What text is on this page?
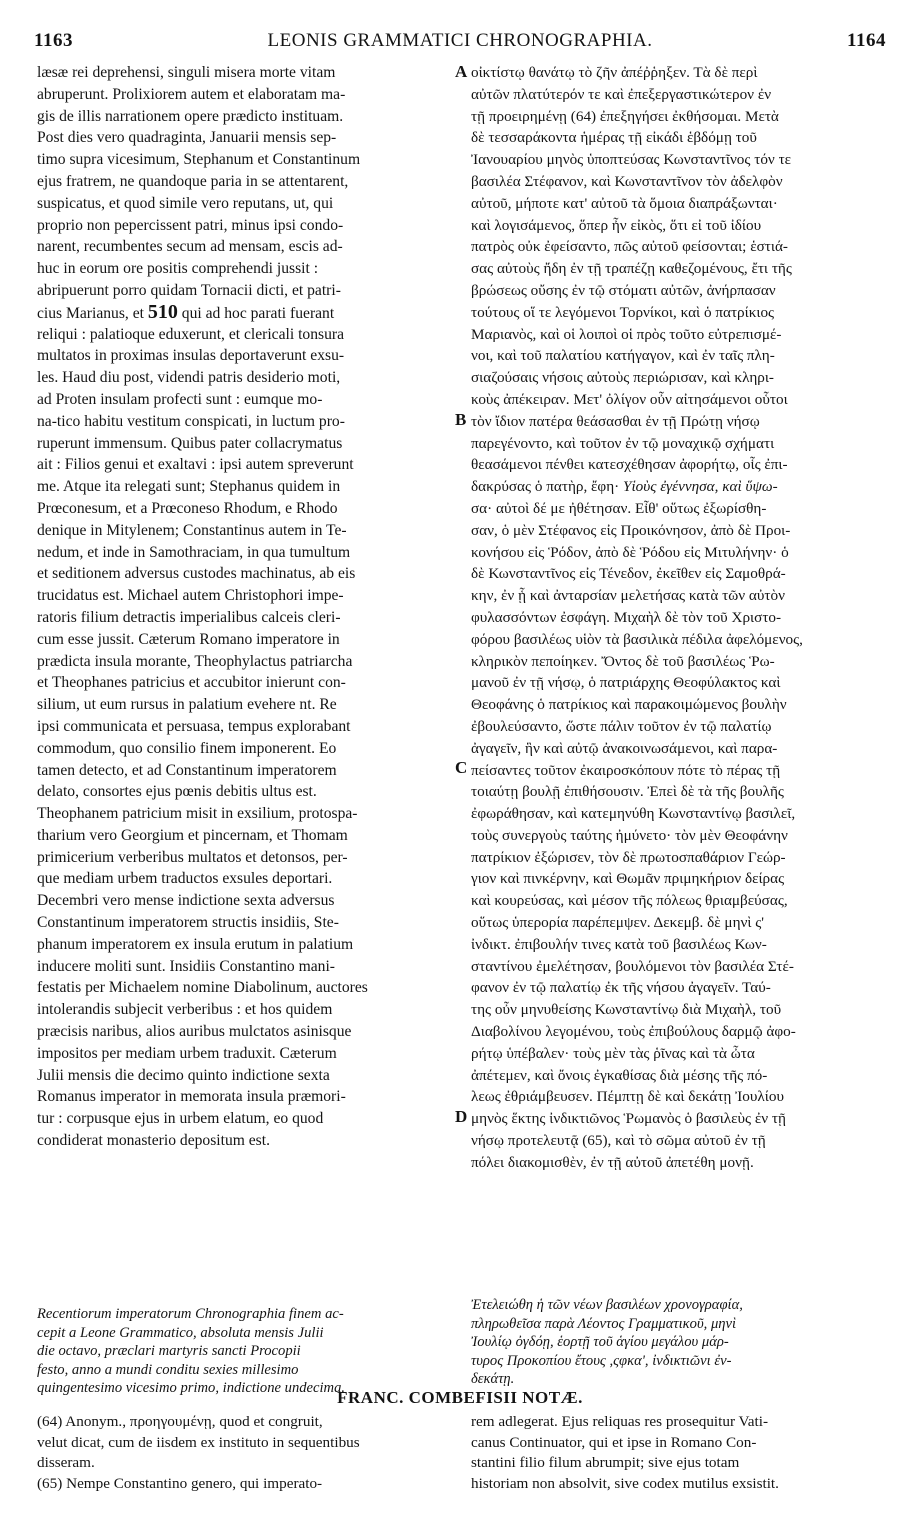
1163	LEONIS GRAMMATICI CHRONOGRAPHIA.	1164
læsæ rei deprehensi, singuli misera morte vitam
abruperunt. Prolixiorem autem et elaboratam ma-
gis de illis narrationem opere prædicto instituam.
Post dies vero quadraginta, Januarii mensis sep-
timo supra vicesimum, Stephanum et Constantinum
ejus fratrem, ne quandoque paria in se attentarent,
suspicatus, et quod simile vero reputans, ut, qui
proprio non pepercissent patri, minus ipsi condo-
narent, recumbentes secum ad mensam, escis ad-
huc in eorum ore positis comprehendi jussit :
abripuerunt porro quidam Tornacii dicti, et patri-
cius Marianus, et 510 qui ad hoc parati fuerant
reliqui : palatioque eduxerunt, et clericali tonsura
multatos in proximas insulas deportaverunt exsu-
les. Haud diu post, videndi patris desiderio moti,
ad Proten insulam profecti sunt : eumque mo-
na-tico habitu vestitum conspicati, in luctum pro-
ruperunt immensum. Quibus pater collacrymatus
ait : Filios genui et exaltavi : ipsi autem spreverunt
me. Atque ita relegati sunt; Stephanus quidem in
Prœconesum, et a Prœconeso Rhodum, e Rhodo
denique in Mitylenem; Constantinus autem in Te-
nedum, et inde in Samothraciam, in qua tumultum
et seditionem adversus custodes machinatus, ab eis
trucidatus est. Michael autem Christophori impe-
ratoris filium detractis imperialibus calceis cleri-
cum esse jussit. Cæterum Romano imperatore in
prædicta insula morante, Theophylactus patriarcha
et Theophanes patricius et accubitor inierunt con-
silium, ut eum rursus in palatium evehere nt. Re
ipsi communicata et persuasa, tempus explorabant
commodum, quo consilio finem imponerent. Eo
tamen detecto, et ad Constantinum imperatorem
delato, consortes ejus pœnis debitis ultus est.
Theophanem patricium misit in exsilium, protospa-
tharium vero Georgium et pincernam, et Thomam
primicerium verberibus multatos et detonsos, per-
que mediam urbem traductos exsules deportari.
Decembri vero mense indictione sexta adversus
Constantinum imperatorem structis insidiis, Ste-
phanum imperatorem ex insula erutum in palatium
inducere moliti sunt. Insidiis Constantino mani-
festatis per Michaelem nomine Diabolinum, auctores
intolerandis subjecit verberibus : et hos quidem
præcisis naribus, alios auribus mulctatos asinisque
impositos per mediam urbem traduxit. Cæterum
Julii mensis die decimo quinto indictione sexta
Romanus imperator in memorata insula præmori-
tur : corpusque ejus in urbem elatum, eo quod
condiderat monasterio depositum est.
οἰκτίστῳ θανάτῳ τὸ ζῆν ἀπέῤῥηξεν. Τὰ δὲ περὶ
αὐτῶν πλατύτερόν τε καὶ ἐπεξεργαστικώτερον ἐν
τῇ προειρημένῃ (64) ἐπεξηγήσει ἐκθήσομαι. Μετὰ
δὲ τεσσαράκοντα ἡμέρας τῇ εἰκάδι ἑβδόμῃ τοῦ
Ἰανουαρίου μηνὸς ὑποπτεύσας Κωνσταντῖνος τόν τε
βασιλέα Στέφανον, καὶ Κωνσταντῖνον τὸν ἀδελφὸν
αὐτοῦ, μήποτε κατ' αὐτοῦ τὰ ὅμοια διαπράξωνται·
καὶ λογισάμενος, ὅπερ ἦν εἰκὸς, ὅτι εἰ τοῦ ἰδίου
πατρὸς οὐκ ἐφείσαντο, πῶς αὐτοῦ φείσονται; ἑστιά-
σας αὐτοὺς ἤδη ἐν τῇ τραπέζῃ καθεζομένους, ἔτι τῆς
βρώσεως οὔσης ἐν τῷ στόματι αὐτῶν, ἀνήρπασαν
τούτους οἵ τε λεγόμενοι Τορνίκοι, καὶ ὁ πατρίκιος
Μαριανὸς, καὶ οἱ λοιποὶ οἱ πρὸς τοῦτο εὐτρεπισμέ-
νοι, καὶ τοῦ παλατίου κατήγαγον, καὶ ἐν ταῖς πλη-
σιαζούσαις νήσοις αὐτοὺς περιώρισαν, καὶ κληρι-
κοὺς ἀπέκειραν. Μετ' ὀλίγον οὖν αἰτησάμενοι οὗτοι
τὸν ἴδιον πατέρα θεάσασθαι ἐν τῇ Πρώτῃ νήσῳ
παρεγένοντο, καὶ τοῦτον ἐν τῷ μοναχικῷ σχήματι
θεασάμενοι πένθει κατεσχέθησαν ἀφορήτῳ, οἷς ἐπι-
δακρύσας ὁ πατὴρ, ἔφη· Υἱοὺς ἐγέννησα, καὶ ὕψω-
σα· αὐτοὶ δέ με ἠθέτησαν. Εἶθ' οὕτως ἐξωρίσθη-
σαν, ὁ μὲν Στέφανος εἰς Προικόνησον, ἀπὸ δὲ Προι-
κονήσου εἰς Ῥόδον, ἀπὸ δὲ Ῥόδου εἰς Μιτυλήνην· ὁ
δὲ Κωνσταντῖνος εἰς Τένεδον, ἐκεῖθεν εἰς Σαμοθρά-
κην, ἐν ᾗ καὶ ἀνταρσίαν μελετήσας κατὰ τῶν αὐτὸν
φυλασσόντων ἐσφάγη. Μιχαὴλ δὲ τὸν τοῦ Χριστο-
φόρου βασιλέως υἱὸν τὰ βασιλικὰ πέδιλα ἀφελόμενος,
κληρικὸν πεποίηκεν. Ὄντος δὲ τοῦ βασιλέως Ῥω-
μανοῦ ἐν τῇ νήσῳ, ὁ πατριάρχης Θεοφύλακτος καὶ
Θεοφάνης ὁ πατρίκιος καὶ παρακοιμώμενος βουλὴν
ἐβουλεύσαντο, ὥστε πάλιν τοῦτον ἐν τῷ παλατίῳ
ἀγαγεῖν, ἣν καὶ αὐτῷ ἀνακοινωσάμενοι, καὶ παρα-
πείσαντες τοῦτον ἐκαιροσκόπουν πότε τὸ πέρας τῇ
τοιαύτῃ βουλῇ ἐπιθήσουσιν. Ἐπεὶ δὲ τὰ τῆς βουλῆς
ἐφωράθησαν, καὶ κατεμηνύθη Κωνσταντίνῳ βασιλεῖ,
τοὺς συνεργοὺς ταύτης ἠμύνετο· τὸν μὲν Θεοφάνην
πατρίκιον ἐξώρισεν, τὸν δὲ πρωτοσπαθάριον Γεώρ-
γιον καὶ πινκέρνην, καὶ Θωμᾶν πριμηκήριον δείρας
καὶ κουρεύσας, καὶ μέσον τῆς πόλεως θριαμβεύσας,
οὕτως ὑπερορία παρέπεμψεν. Δεκεμβ. δὲ μηνὶ ς'
ἰνδικτ. ἐπιβουλήν τινες κατὰ τοῦ βασιλέως Κων-
σταντίνου ἐμελέτησαν, βουλόμενοι τὸν βασιλέα Στέ-
φανον ἐν τῷ παλατίῳ ἐκ τῆς νήσου ἀγαγεῖν. Ταύ-
της οὖν μηνυθείσης Κωνσταντίνῳ διὰ Μιχαὴλ, τοῦ
Διαβολίνου λεγομένου, τοὺς ἐπιβούλους δαρμῷ ἀφο-
ρήτῳ ὑπέβαλεν· τοὺς μὲν τὰς ῥῖνας καὶ τὰ ὦτα
ἀπέτεμεν, καὶ ὄνοις ἐγκαθίσας διὰ μέσης τῆς πό-
λεως ἐθριάμβευσεν. Πέμπτῃ δὲ καὶ δεκάτῃ Ἰουλίου
μηνὸς ἕκτης ἰνδικτιῶνος Ῥωμανὸς ὁ βασιλεὺς ἐν τῇ
νήσῳ προτελευτᾷ (65), καὶ τὸ σῶμα αὐτοῦ ἐν τῇ
πόλει διακομισθὲν, ἐν τῇ αὐτοῦ ἀπετέθη μονῇ.
A
B
C
D
Recentiorum imperatorum Chronographia finem ac-
cepit a Leone Grammatico, absoluta mensis Julii
die octavo, præclari martyris sancti Procopii
festo, anno a mundi conditu sexies millesimo
quingentesimo vicesimo primo, indictione undecima.
Ἐτελειώθη ἡ τῶν νέων βασιλέων χρονογραφία,
πληρωθεῖσα παρὰ Λέοντος Γραμματικοῦ, μηνὶ
Ἰουλίῳ ὀγδόῃ, ἑορτῇ τοῦ ἁγίου μεγάλου μάρ-
τυρος Προκοπίου ἔτους ,ςφκα', ἰνδικτιῶνι ἐν-
δεκάτῃ.
FRANC. COMBEFISII NOTÆ.
(64) Anonym., προηγουμένῃ, quod et congruit,
velut dicat, cum de iisdem ex instituto in sequentibus
disseram.
(65) Nempe Constantino genero, qui imperato-
rem adlegerat. Ejus reliquas res prosequitur Vati-
canus Continuator, qui et ipse in Romano Con-
stantini filio filum abrumpit; sive ejus totam
historiam non absolvit, sive codex mutilus exsistit.
